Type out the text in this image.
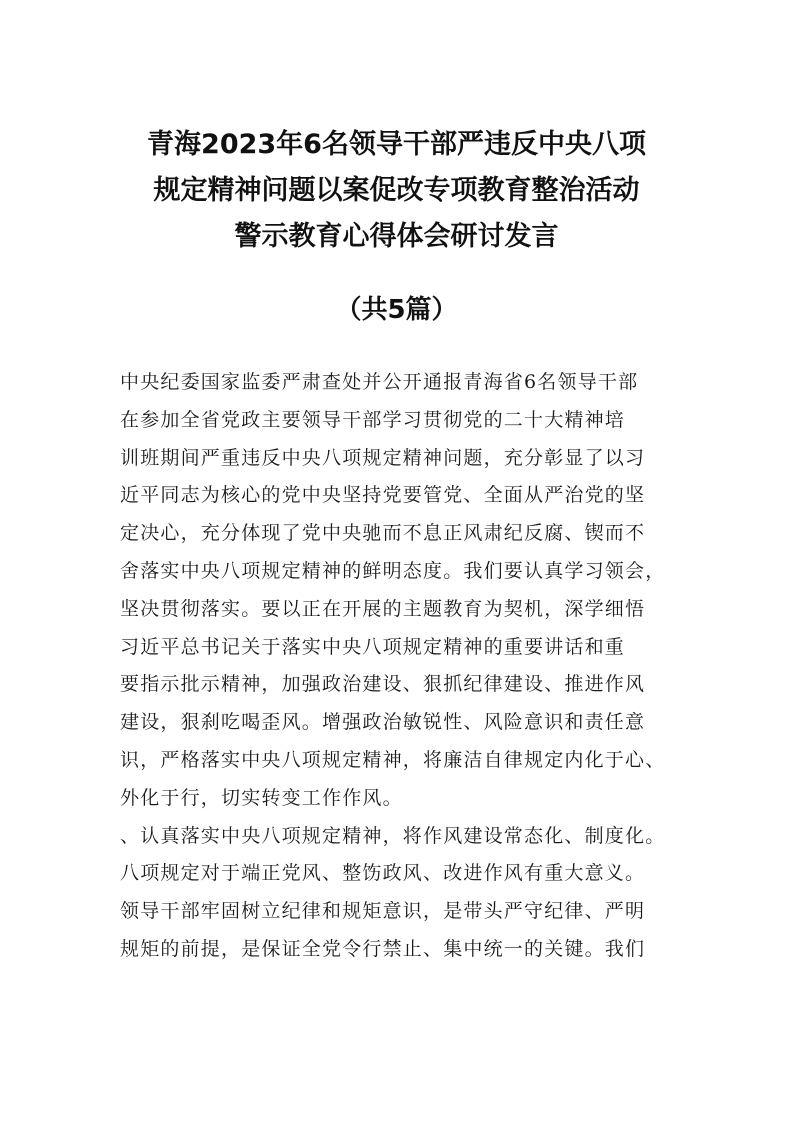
青海2023年6名领导干部严违反中央八项
规定精神问题以案促改专项教育整治活动
警示教育心得体会研讨发言
（共5篇）
中央纪委国家监委严肃查处并公开通报青海省6名领导干部
在参加全省党政主要领导干部学习贯彻党的二十大精神培
训班期间严重违反中央八项规定精神问题，充分彰显了以习
近平同志为核心的党中央坚持党要管党、全面从严治党的坚
定决心，充分体现了党中央驰而不息正风肃纪反腐、锲而不
舍落实中央八项规定精神的鲜明态度。我们要认真学习领会，
坚决贯彻落实。要以正在开展的主题教育为契机，深学细悟
习近平总书记关于落实中央八项规定精神的重要讲话和重
要指示批示精神，加强政治建设、狠抓纪律建设、推进作风
建设，狠刹吃喝歪风。增强政治敏锐性、风险意识和责任意
识，严格落实中央八项规定精神，将廉洁自律规定内化于心、
外化于行，切实转变工作作风。
、认真落实中央八项规定精神，将作风建设常态化、制度化。
八项规定对于端正党风、整饬政风、改进作风有重大意义。
领导干部牢固树立纪律和规矩意识，是带头严守纪律、严明
规矩的前提，是保证全党令行禁止、集中统一的关键。我们
